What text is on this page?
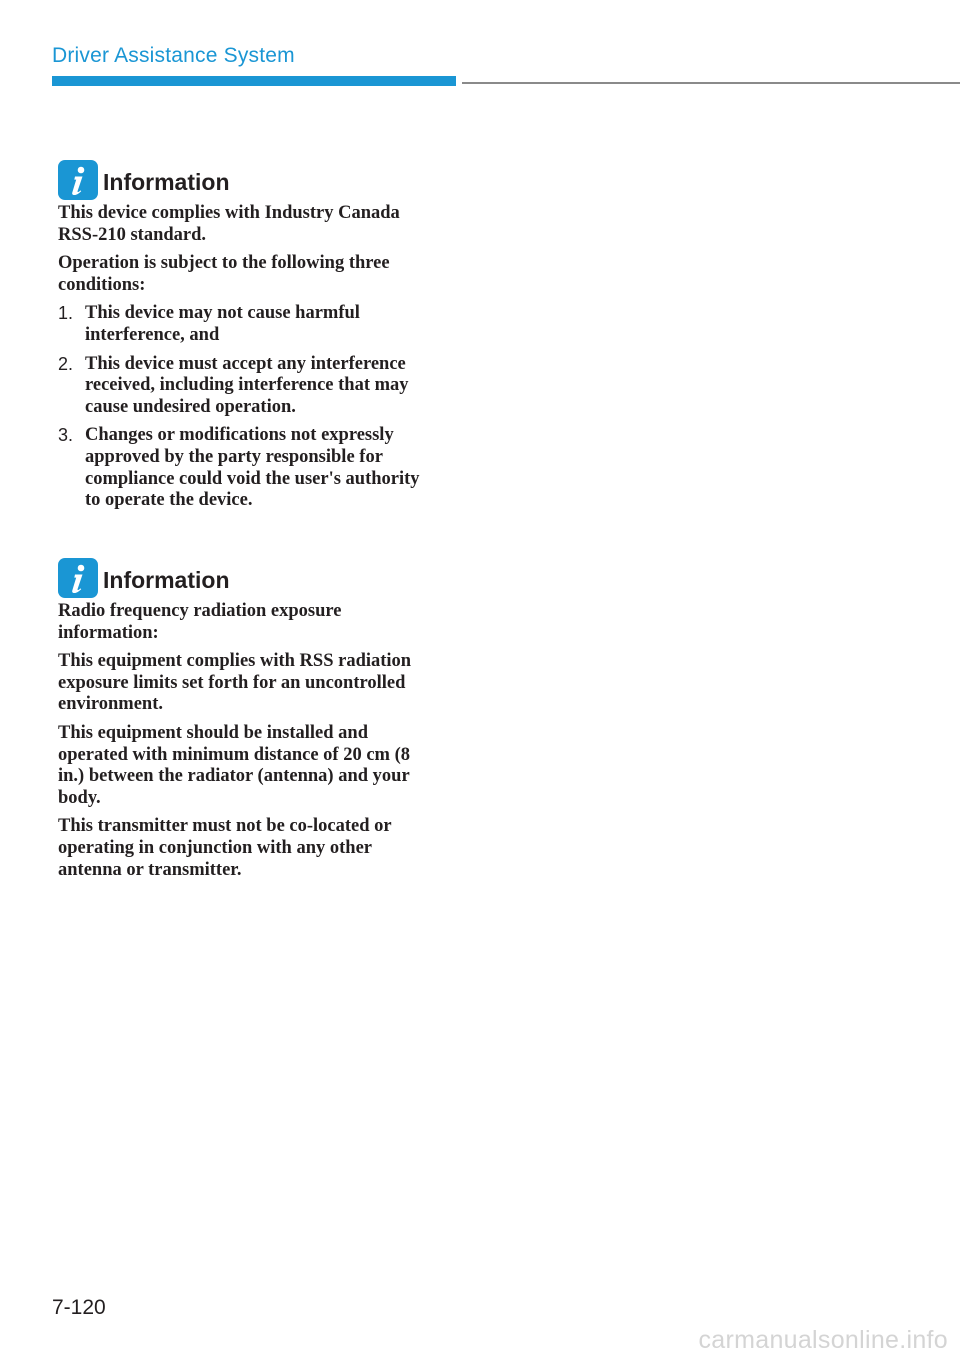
Driver Assistance System
Information

This device complies with Industry Canada RSS-210 standard.

Operation is subject to the following three conditions:

1. This device may not cause harmful interference, and
2. This device must accept any interference received, including interference that may cause undesired operation.
3. Changes or modifications not expressly approved by the party responsible for compliance could void the user's authority to operate the device.
Information

Radio frequency radiation exposure information:

This equipment complies with RSS radiation exposure limits set forth for an uncontrolled environment.

This equipment should be installed and operated with minimum distance of 20 cm (8 in.) between the radiator (antenna) and your body.

This transmitter must not be co-located or operating in conjunction with any other antenna or transmitter.

7-120
carmanualsonline.info
